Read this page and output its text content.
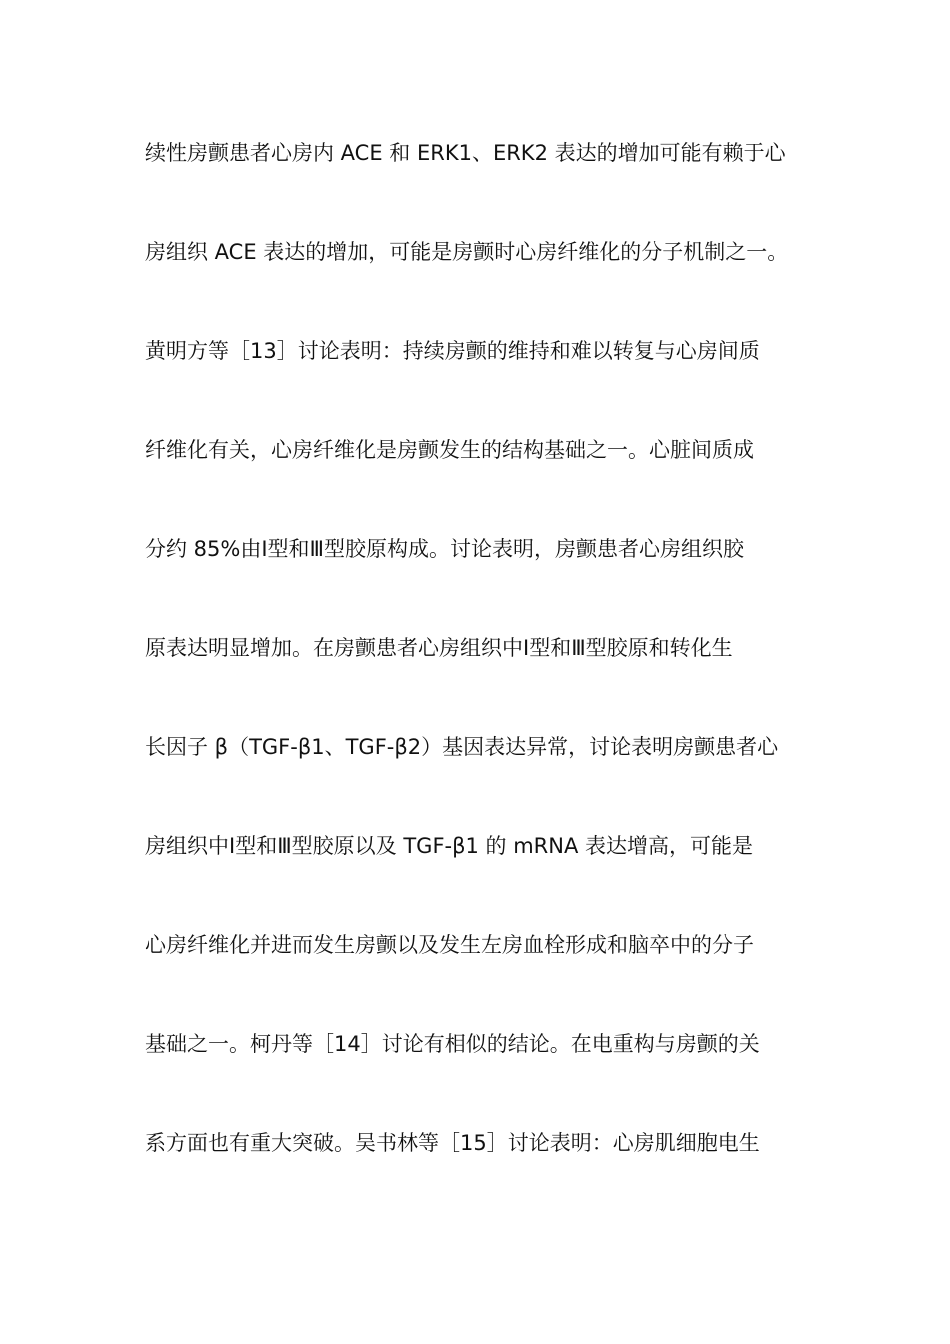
续性房颤患者心房内 ACE 和 ERK1、ERK2 表达的增加可能有赖于心
房组织 ACE 表达的增加，可能是房颤时心房纤维化的分子机制之一。
黄明方等［13］讨论表明：持续房颤的维持和难以转复与心房间质
纤维化有关，心房纤维化是房颤发生的结构基础之一。心脏间质成
分约 85%由Ⅰ型和Ⅲ型胶原构成。讨论表明，房颤患者心房组织胶
原表达明显增加。在房颤患者心房组织中Ⅰ型和Ⅲ型胶原和转化生
长因子 β（TGF-β1、TGF-β2）基因表达异常，讨论表明房颤患者心
房组织中Ⅰ型和Ⅲ型胶原以及 TGF-β1 的 mRNA 表达增高，可能是
心房纤维化并进而发生房颤以及发生左房血栓形成和脑卒中的分子
基础之一。柯丹等［14］讨论有相似的结论。在电重构与房颤的关
系方面也有重大突破。吴书林等［15］讨论表明：心房肌细胞电生
